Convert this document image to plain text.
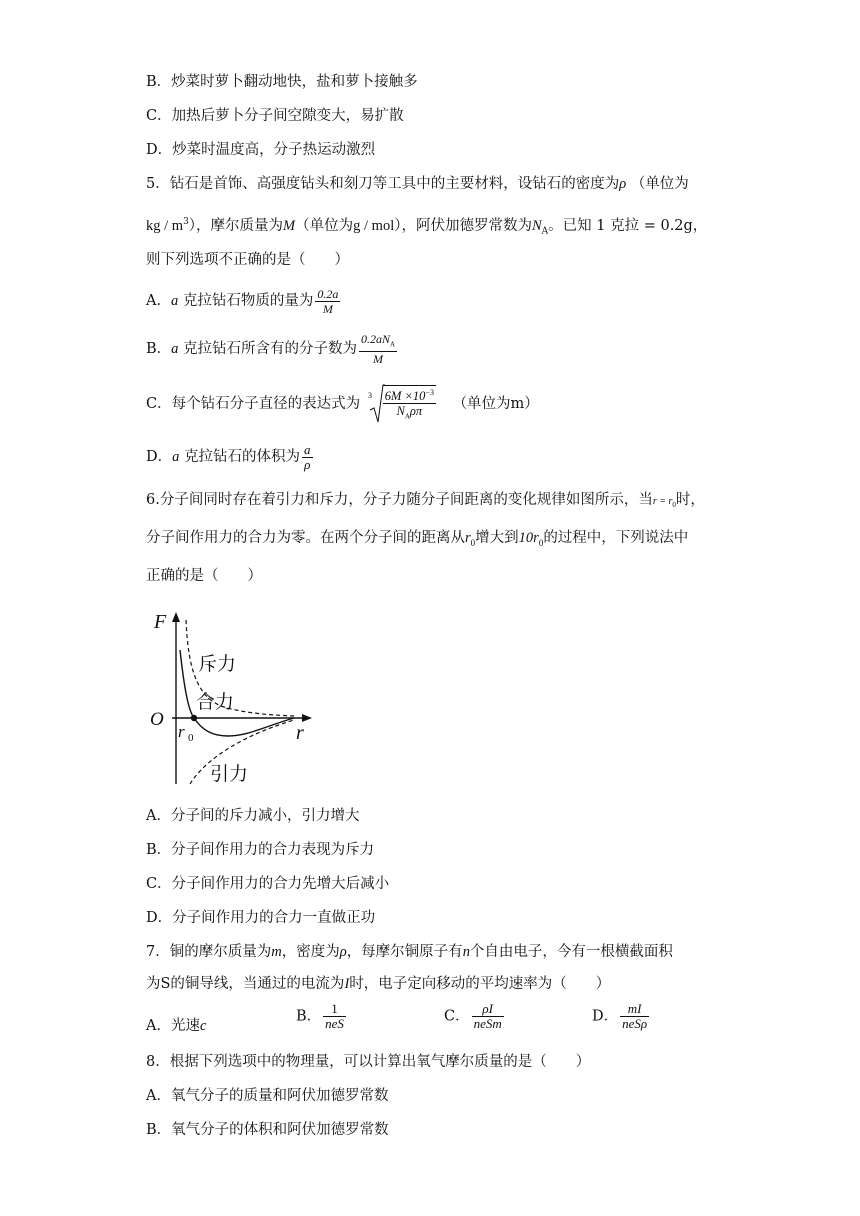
B．炒菜时萝卜翻动地快，盐和萝卜接触多
C．加热后萝卜分子间空隙变大，易扩散
D．炒菜时温度高，分子热运动激烈
5．钻石是首饰、高强度钻头和刻刀等工具中的主要材料，设钻石的密度为ρ （单位为
kg / $m^3$），摩尔质量为M（单位为g / mol），阿伏加德罗常数为$N_A$。已知 1 克拉 = 0.2g，
则下列选项不正确的是（　　）
A．a 克拉钻石物质的量为 $\frac{0.2a}{M}$
B．a 克拉钻石所含有的分子数为 $\frac{0.2aN_A}{M}$
C．每个钻石分子直径的表达式为
$3 \frac{6M \times 10^{-3}}{N_A\rho\pi}$ （单位为m）
D．a 克拉钻石的体积为 $\frac{a}{\rho}$
6.分子间同时存在着引力和斥力，分子力随分子间距离的变化规律如图所示，当$r = r_0$时，
分子间作用力的合力为零。在两个分子间的距离从$r_0$增大到$10r_0$的过程中，下列说法中
正确的是（　　）
F
O
r 0	r
斥力
合力
引力
A．分子间的斥力减小，引力增大
B．分子间作用力的合力表现为斥力
C．分子间作用力的合力先增大后减小
D．分子间作用力的合力一直做正功
7．铜的摩尔质量为m，密度为ρ，每摩尔铜原子有n个自由电子，今有一根横截面积
为S的铜导线，当通过的电流为I时，电子定向移动的平均速率为（　　）
A．光速c
B． $\frac{1}{\text{neS}}$	C． $\frac{\rho I}{\text{neSm}}$	D． $\frac{mI}{\text{neSρ}}$
8．根据下列选项中的物理量，可以计算出氧气摩尔质量的是（　　）
A．氧气分子的质量和阿伏加德罗常数
B．氧气分子的体积和阿伏加德罗常数
